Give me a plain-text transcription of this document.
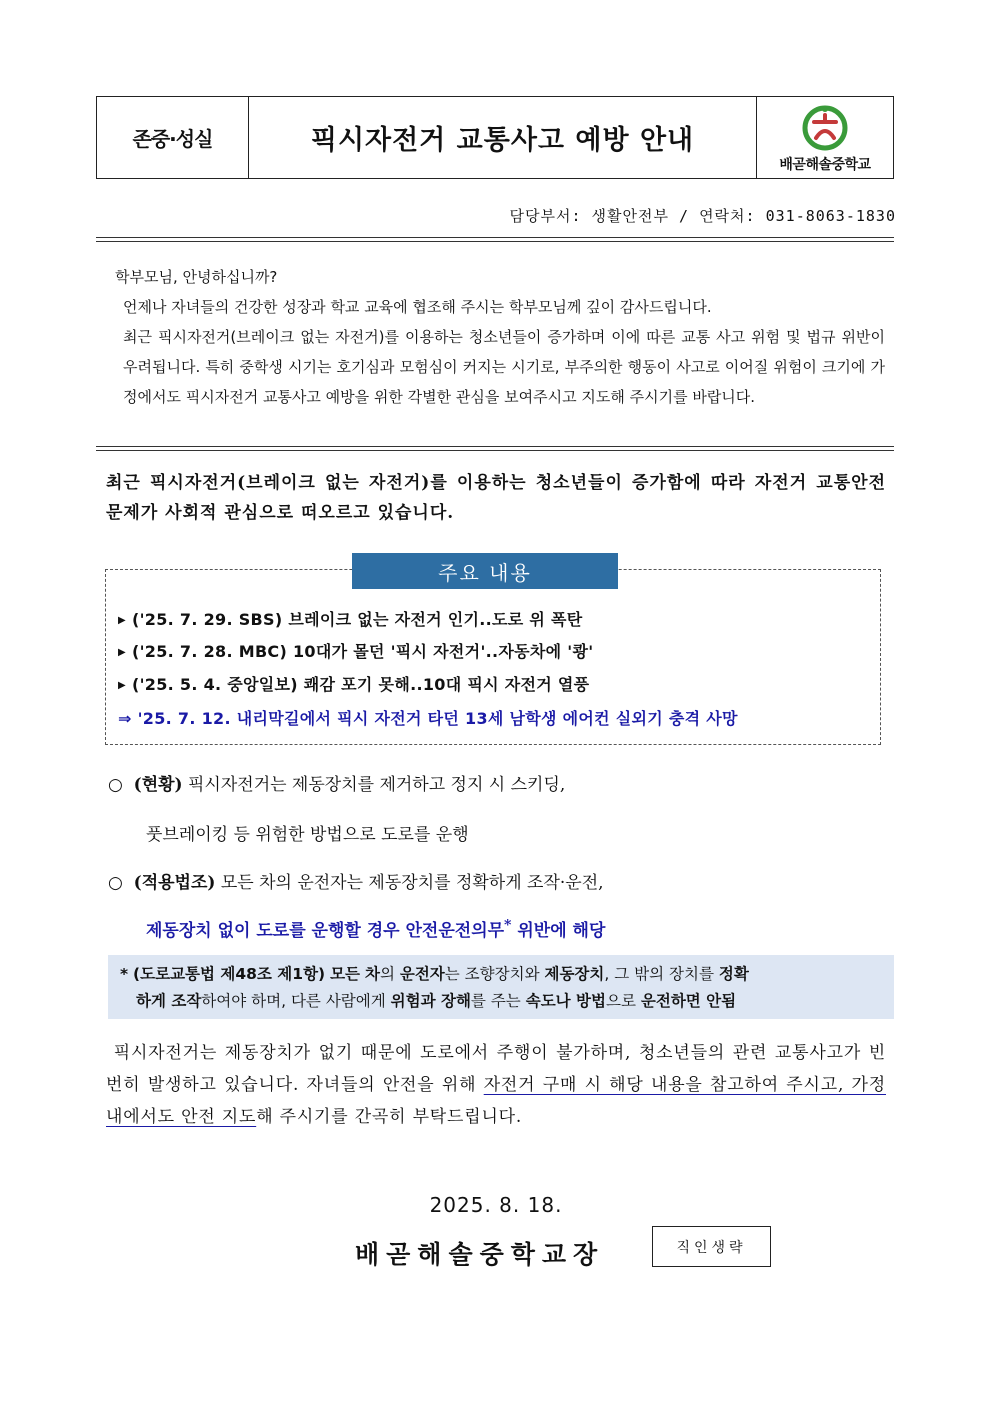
존중·성실	픽시자전거 교통사고 예방 안내
배곧해솔중학교
담당부서: 생활안전부 / 연락처: 031-8063-1830

학부모님, 안녕하십니까?

언제나 자녀들의 건강한 성장과 학교 교육에 협조해 주시는 학부모님께 깊이 감사드립니다.

최근 픽시자전거(브레이크 없는 자전거)를 이용하는 청소년들이 증가하며 이에 따른 교통 사고 위험 및 법규 위반이 우려됩니다. 특히 중학생 시기는 호기심과 모험심이 커지는 시기로, 부주의한 행동이 사고로 이어질 위험이 크기에 가정에서도 픽시자전거 교통사고 예방을 위한 각별한 관심을 보여주시고 지도해 주시기를 바랍니다.

최근 픽시자전거(브레이크 없는 자전거)를 이용하는 청소년들이 증가함에 따라 자전거 교통안전 문제가 사회적 관심으로 떠오르고 있습니다.
주요 내용
▶ ('25. 7. 29. SBS) 브레이크 없는 자전거 인기..도로 위 폭탄
▶ ('25. 7. 28. MBC) 10대가 몰던 '픽시 자전거'..자동차에 '쾅'
▶ ('25. 5. 4. 중앙일보) 쾌감 포기 못해..10대 픽시 자전거 열풍
⇒ '25. 7. 12. 내리막길에서 픽시 자전거 타던 13세 남학생 에어컨 실외기 충격 사망
○  (현황) 픽시자전거는 제동장치를 제거하고 정지 시 스키딩,
풋브레이킹 등 위험한 방법으로 도로를 운행
○  (적용법조) 모든 차의 운전자는 제동장치를 정확하게 조작·운전,
제동장치 없이 도로를 운행할 경우 안전운전의무* 위반에 해당
* (도로교통법 제48조 제1항) 모든 차의 운전자는 조향장치와 제동장치, 그 밖의 장치를 정확
하게 조작하여야 하며, 다른 사람에게 위험과 장해를 주는 속도나 방법으로 운전하면 안됨
픽시자전거는 제동장치가 없기 때문에 도로에서 주행이 불가하며, 청소년들의 관련 교통사고가 빈번히 발생하고 있습니다. 자녀들의 안전을 위해 자전거 구매 시 해당 내용을 참고하여 주시고, 가정 내에서도 안전 지도해 주시기를 간곡히 부탁드립니다.
2025. 8. 18.
배곧해솔중학교장	직인생략
